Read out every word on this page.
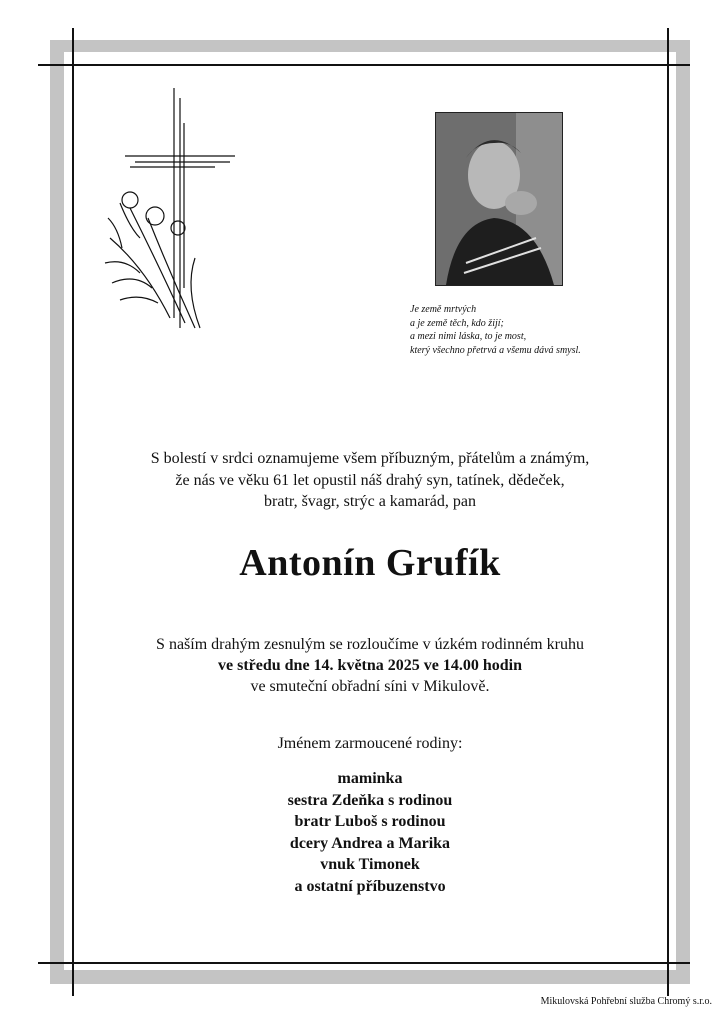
Je země mrtvých
a je země těch, kdo žijí;
a mezi nimi láska, to je most,
který všechno přetrvá a všemu dává smysl.
S bolestí v srdci oznamujeme všem příbuzným, přátelům a známým,
že nás ve věku 61 let opustil náš drahý syn, tatínek, dědeček,
bratr, švagr, strýc a kamarád, pan
Antonín Grufík
S naším drahým zesnulým se rozloučíme v úzkém rodinném kruhu
ve středu dne 14. května 2025 ve 14.00 hodin
ve smuteční obřadní síni v Mikulově.
Jménem zarmoucené rodiny:
maminka
sestra Zdeňka s rodinou
bratr Luboš s rodinou
dcery Andrea a Marika
vnuk Timonek
a ostatní příbuzenstvo
Mikulovská Pohřební služba Chromý s.r.o.
